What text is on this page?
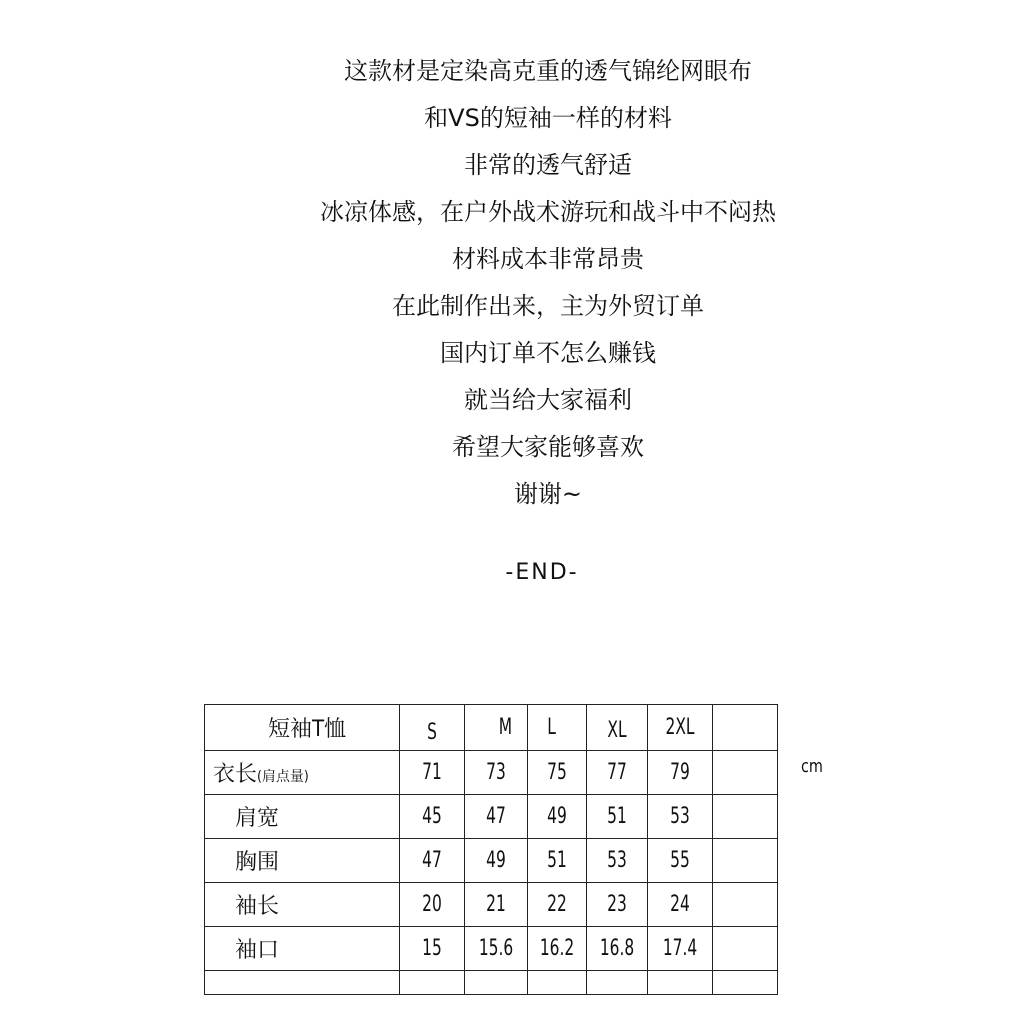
这款材是定染高克重的透气锦纶网眼布
和VS的短袖一样的材料
非常的透气舒适
冰凉体感，在户外战术游玩和战斗中不闷热
材料成本非常昂贵
在此制作出来，主为外贸订单
国内订单不怎么赚钱
就当给大家福利
希望大家能够喜欢
谢谢~
-END-
短袖T恤	S	M	L	XL	2XL	

衣长(肩点量)	71	73	75	77	79	

肩宽	45	47	49	51	53	

胸围	47	49	51	53	55	

袖长	20	21	22	23	24	

袖口	15	15.6	16.2	16.8	17.4	

cm
